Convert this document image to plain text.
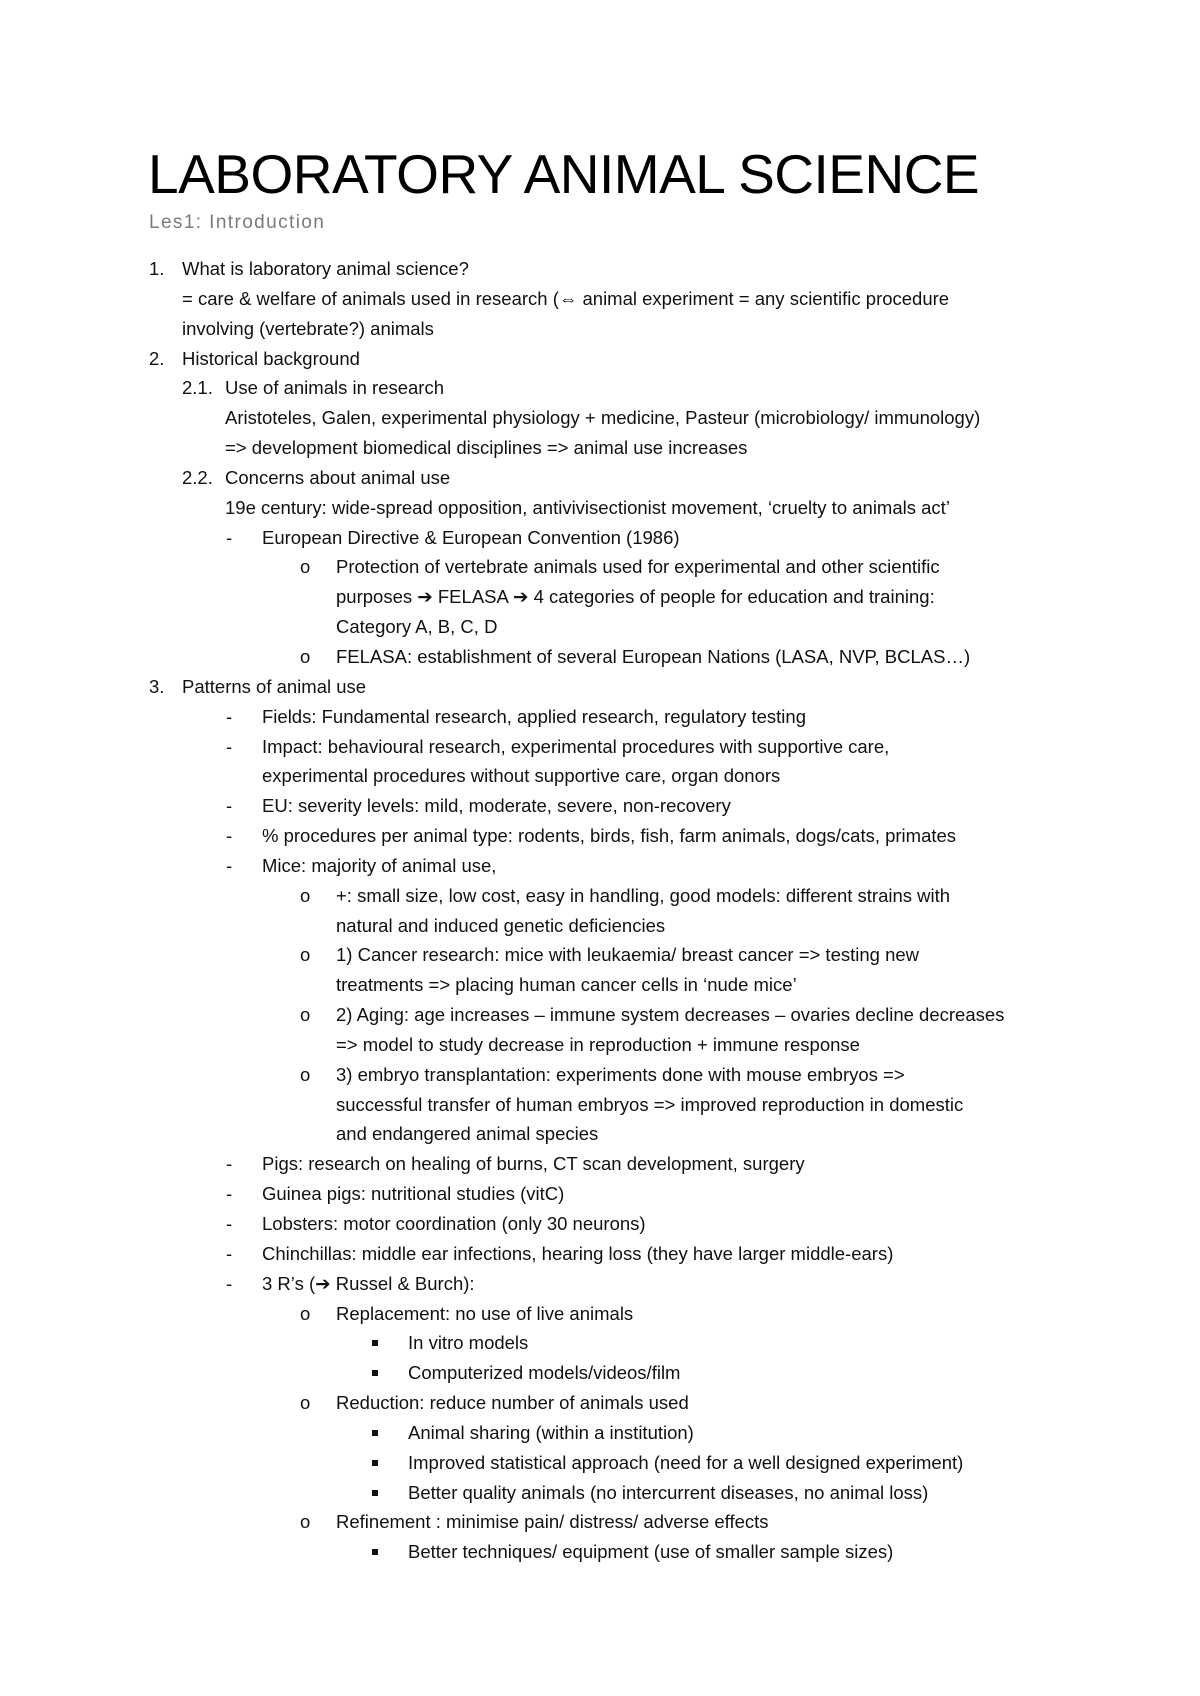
LABORATORY ANIMAL SCIENCE
Les1: Introduction
1. What is laboratory animal science?
= care & welfare of animals used in research (⇔ animal experiment = any scientific procedure
involving (vertebrate?) animals
2. Historical background
2.1. Use of animals in research
Aristoteles, Galen, experimental physiology + medicine, Pasteur (microbiology/ immunology)
=> development biomedical disciplines => animal use increases
2.2. Concerns about animal use
19e century: wide-spread opposition, antivivisectionist movement, ‘cruelty to animals act’
- European Directive & European Convention (1986)
o Protection of vertebrate animals used for experimental and other scientific
purposes ➔ FELASA ➔ 4 categories of people for education and training:
Category A, B, C, D
o FELASA: establishment of several European Nations (LASA, NVP, BCLAS…)
3. Patterns of animal use
- Fields: Fundamental research, applied research, regulatory testing
- Impact: behavioural research, experimental procedures with supportive care,
experimental procedures without supportive care, organ donors
- EU: severity levels: mild, moderate, severe, non-recovery
- % procedures per animal type: rodents, birds, fish, farm animals, dogs/cats, primates
- Mice: majority of animal use,
o +: small size, low cost, easy in handling, good models: different strains with
natural and induced genetic deficiencies
o 1) Cancer research: mice with leukaemia/ breast cancer => testing new
treatments => placing human cancer cells in ‘nude mice’
o 2) Aging: age increases – immune system decreases – ovaries decline decreases
=> model to study decrease in reproduction + immune response
o 3) embryo transplantation: experiments done with mouse embryos =>
successful transfer of human embryos => improved reproduction in domestic
and endangered animal species
- Pigs: research on healing of burns, CT scan development, surgery
- Guinea pigs: nutritional studies (vitC)
- Lobsters: motor coordination (only 30 neurons)
- Chinchillas: middle ear infections, hearing loss (they have larger middle-ears)
- 3 R’s (➔ Russel & Burch):
o Replacement: no use of live animals
In vitro models
Computerized models/videos/film
o Reduction: reduce number of animals used
Animal sharing (within a institution)
Improved statistical approach (need for a well designed experiment)
Better quality animals (no intercurrent diseases, no animal loss)
o Refinement : minimise pain/ distress/ adverse effects
Better techniques/ equipment (use of smaller sample sizes)
